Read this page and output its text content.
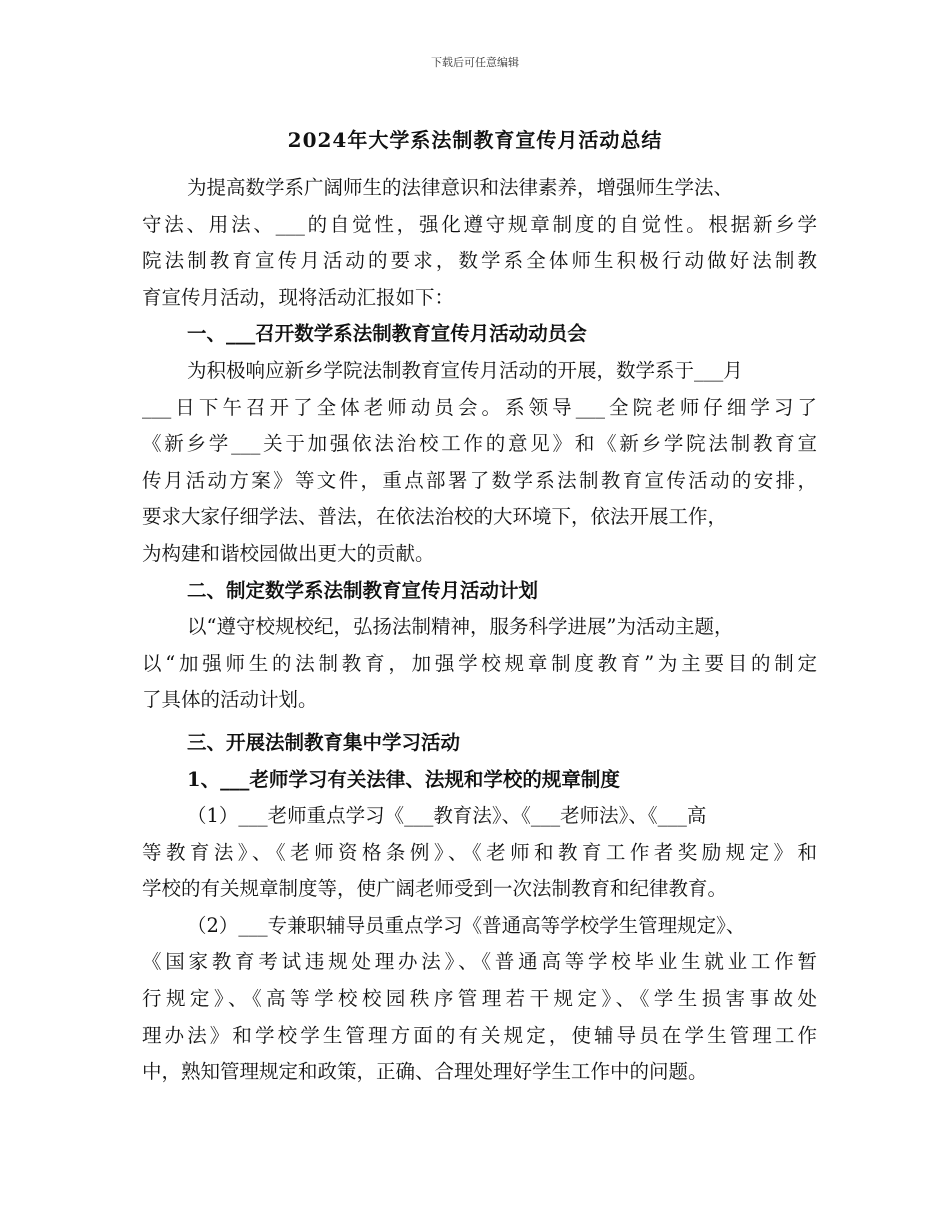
下载后可任意编辑
2024年大学系法制教育宣传月活动总结
为提高数学系广阔师生的法律意识和法律素养，增强师生学法、
守法、用法、___的自觉性，强化遵守规章制度的自觉性。根据新乡学
院法制教育宣传月活动的要求，数学系全体师生积极行动做好法制教
育宣传月活动，现将活动汇报如下：
一、___召开数学系法制教育宣传月活动动员会
为积极响应新乡学院法制教育宣传月活动的开展，数学系于___月
___日下午召开了全体老师动员会。系领导___全院老师仔细学习了
《新乡学___关于加强依法治校工作的意见》和《新乡学院法制教育宣
传月活动方案》等文件，重点部署了数学系法制教育宣传活动的安排，
要求大家仔细学法、普法，在依法治校的大环境下，依法开展工作，
为构建和谐校园做出更大的贡献。
二、制定数学系法制教育宣传月活动计划
以“遵守校规校纪，弘扬法制精神，服务科学进展”为活动主题，
以“加强师生的法制教育，加强学校规章制度教育”为主要目的制定
了具体的活动计划。
三、开展法制教育集中学习活动
1、___老师学习有关法律、法规和学校的规章制度
（1）___老师重点学习《___教育法》、《___老师法》、《___高
等教育法》、《老师资格条例》、《老师和教育工作者奖励规定》和
学校的有关规章制度等，使广阔老师受到一次法制教育和纪律教育。
（2）___专兼职辅导员重点学习《普通高等学校学生管理规定》、
《国家教育考试违规处理办法》、《普通高等学校毕业生就业工作暂
行规定》、《高等学校校园秩序管理若干规定》、《学生损害事故处
理办法》和学校学生管理方面的有关规定，使辅导员在学生管理工作
中，熟知管理规定和政策，正确、合理处理好学生工作中的问题。
